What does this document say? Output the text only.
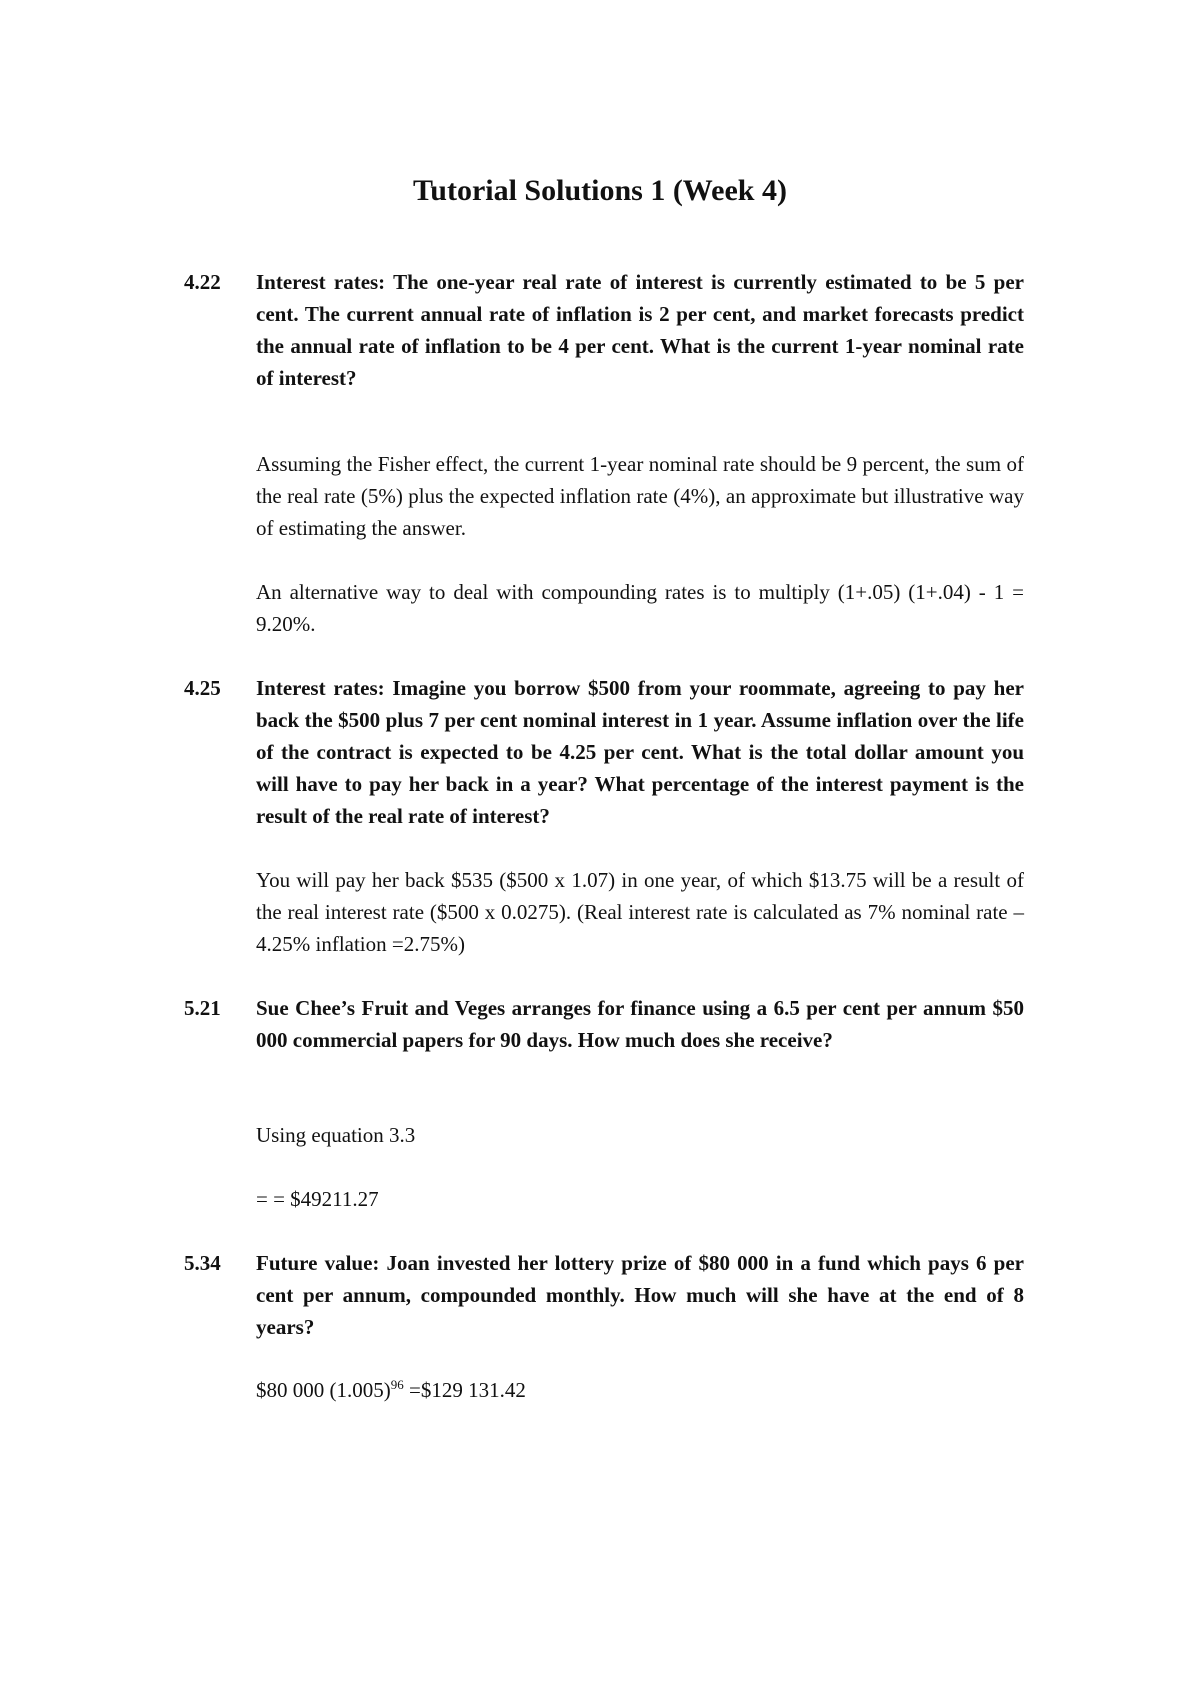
Tutorial Solutions 1 (Week 4)
4.22 Interest rates: The one-year real rate of interest is currently estimated to be 5 per cent. The current annual rate of inflation is 2 per cent, and market forecasts predict the annual rate of inflation to be 4 per cent. What is the current 1-year nominal rate of interest?

Assuming the Fisher effect, the current 1-year nominal rate should be 9 percent, the sum of the real rate (5%) plus the expected inflation rate (4%), an approximate but illustrative way of estimating the answer.

An alternative way to deal with compounding rates is to multiply (1+.05) (1+.04) - 1 = 9.20%.

4.25 Interest rates: Imagine you borrow $500 from your roommate, agreeing to pay her back the $500 plus 7 per cent nominal interest in 1 year. Assume inflation over the life of the contract is expected to be 4.25 per cent. What is the total dollar amount you will have to pay her back in a year? What percentage of the interest payment is the result of the real rate of interest?

You will pay her back $535 ($500 x 1.07) in one year, of which $13.75 will be a result of the real interest rate ($500 x 0.0275). (Real interest rate is calculated as 7% nominal rate – 4.25% inflation =2.75%)

5.21 Sue Chee’s Fruit and Veges arranges for finance using a 6.5 per cent per annum $50 000 commercial papers for 90 days. How much does she receive?

Using equation 3.3

= = $49211.27

5.34 Future value: Joan invested her lottery prize of $80 000 in a fund which pays 6 per cent per annum, compounded monthly. How much will she have at the end of 8 years?

$80 000 $(1.005)^{96}$ =$129 131.42
